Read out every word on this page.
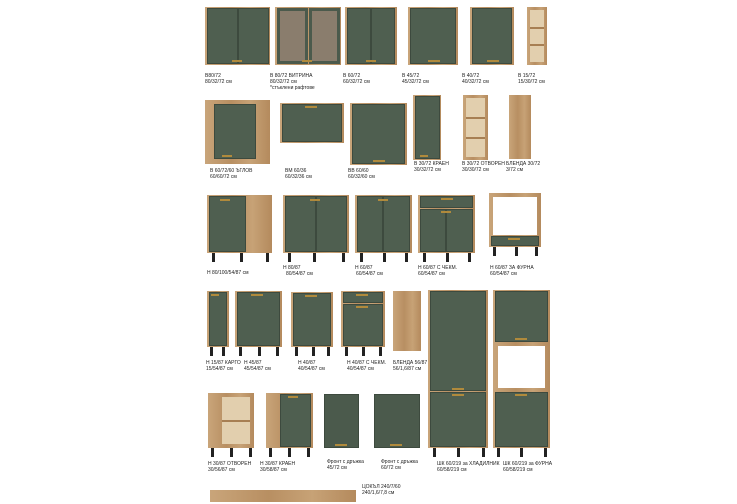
В80/72
80/32/72 см
В 80/72 ВИТРИНА
80/32/72 см
*стъклени рафтове
В 60/72
60/32/72 см
В 45/72
45/32/72 см
В 40/72
40/32/72 см
В 15/72
15/30/72 см
В 60/72/60 ЪГЛОВ
60/60/72 см
ВМ 60/36
60/32/36 см
ВВ 60/60
60/32/60 см
В 30/72 КРАЕН
30/32/72 см
В 30/72 ОТВОРЕН
30/30/72 см
БЛЕНДА 30/72
3/72 см
Н 80/100/54/87 см
Н 80/87
80/54/87 см
Н 60/87
60/54/87 см
Н 60/87 С ЧЕКМ.
60/54/87 см
Н 60/87 ЗА ФУРНА
60/54/87 см
Н 15/87 КАРГО
15/54/87 см
Н 45/87
45/54/87 см
Н 40/87
40/54/87 см
Н 40/87 С ЧЕКМ.
40/54/87 см
БЛЕНДА 56/87
56/1,6/87 см
ШК 60/219 за ХЛАДИЛНИК
60/58/219 см
ШК 60/219 за ФУРНА
60/58/219 см
Н 30/87 ОТВОРЕН
30/56/87 см
Н 30/87 КРАЕН
30/58/87 см
Фронт с дръжка
45/72 см
Фронт с дръжка
60/72 см
ЦОКЪЛ 240/7/60
240/1,6/7,8 см
